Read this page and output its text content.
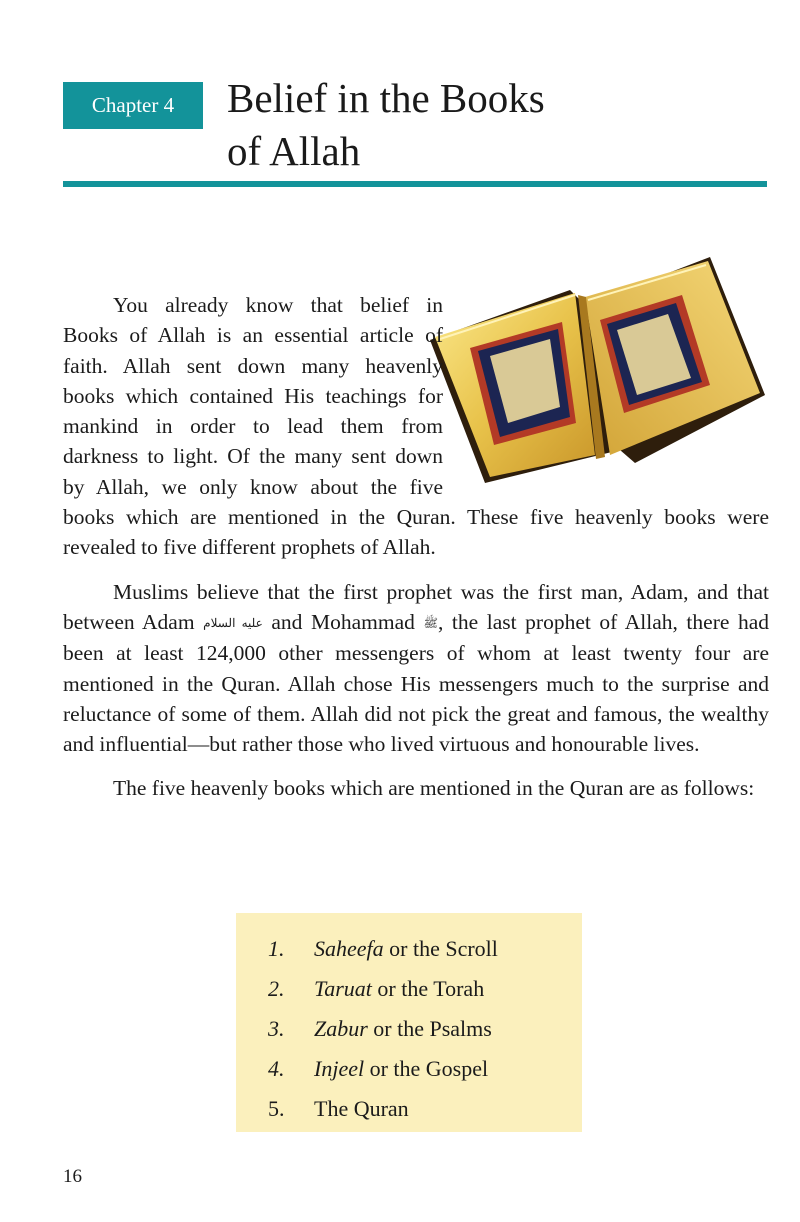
Chapter 4 Belief in the Books
of Allah

You already know that belief in Books of Allah is an essential article of faith. Allah sent down many heavenly books which contained His teachings for mankind in order to lead them from darkness to light. Of the many sent down by Allah, we only know about the five books which are mentioned in the Quran. These five heavenly books were revealed to five different prophets of Allah.

Muslims believe that the first prophet was the first man, Adam, and that between Adam عليه السلام and Mohammad ﷺ, the last prophet of Allah, there had been at least 124,000 other messengers of whom at least twenty four are mentioned in the Quran. Allah chose His messengers much to the surprise and reluctance of some of them. Allah did not pick the great and famous, the wealthy and influential—but rather those who lived virtuous and honourable lives.

The five heavenly books which are mentioned in the Quran are as follows:

1.	Saheefa or the Scroll
2.	Taruat or the Torah
3.	Zabur or the Psalms
4.	Injeel or the Gospel
5.	The Quran
16
